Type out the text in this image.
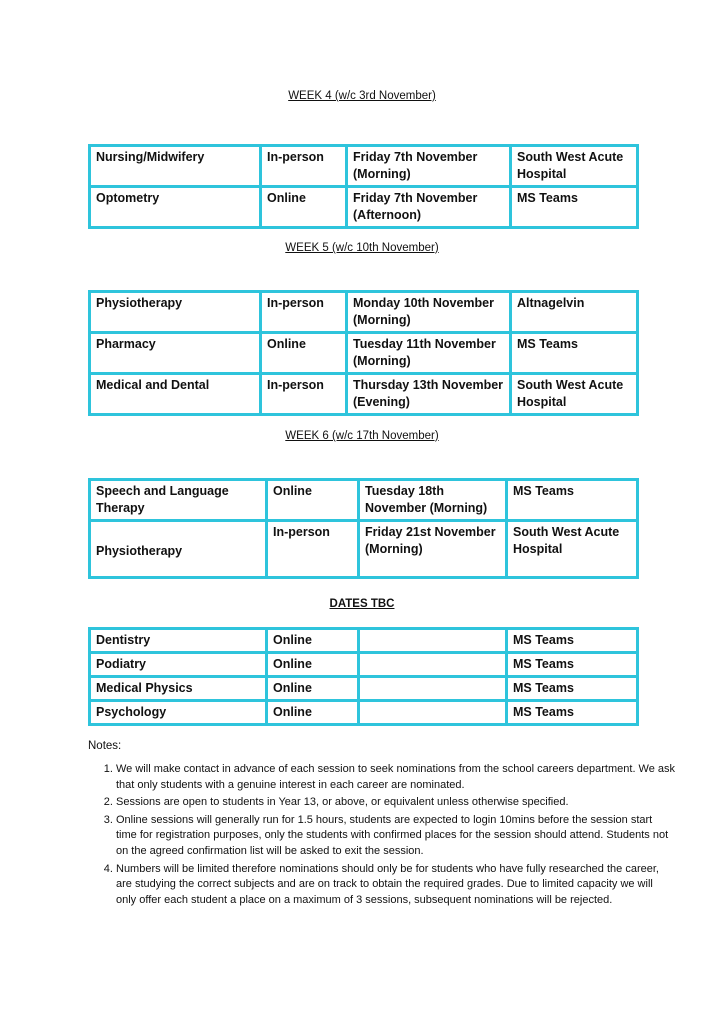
WEEK 4 (w/c 3rd November)
Nursing/Midwifery	In-person	Friday 7th November (Morning)	South West Acute Hospital
Optometry	Online	Friday 7th November (Afternoon)	MS Teams
WEEK 5 (w/c 10th November)
Physiotherapy	In-person	Monday 10th November (Morning)	Altnagelvin
Pharmacy	Online	Tuesday 11th November (Morning)	MS Teams
Medical and Dental	In-person	Thursday 13th November (Evening)	South West Acute Hospital
WEEK 6 (w/c 17th November)
Speech and Language Therapy	Online	Tuesday 18th November (Morning)	MS Teams
Physiotherapy	In-person	Friday 21st November (Morning)	South West Acute Hospital
DATES TBC
Dentistry	Online		MS Teams
Podiatry	Online		MS Teams
Medical Physics	Online		MS Teams
Psychology	Online		MS Teams
Notes:
1. We will make contact in advance of each session to seek nominations from the school careers department. We ask that only students with a genuine interest in each career are nominated.
2. Sessions are open to students in Year 13, or above, or equivalent unless otherwise specified.
3. Online sessions will generally run for 1.5 hours, students are expected to login 10mins before the session start time for registration purposes, only the students with confirmed places for the session should attend. Students not on the agreed confirmation list will be asked to exit the session.
4. Numbers will be limited therefore nominations should only be for students who have fully researched the career, are studying the correct subjects and are on track to obtain the required grades. Due to limited capacity we will only offer each student a place on a maximum of 3 sessions, subsequent nominations will be rejected.
